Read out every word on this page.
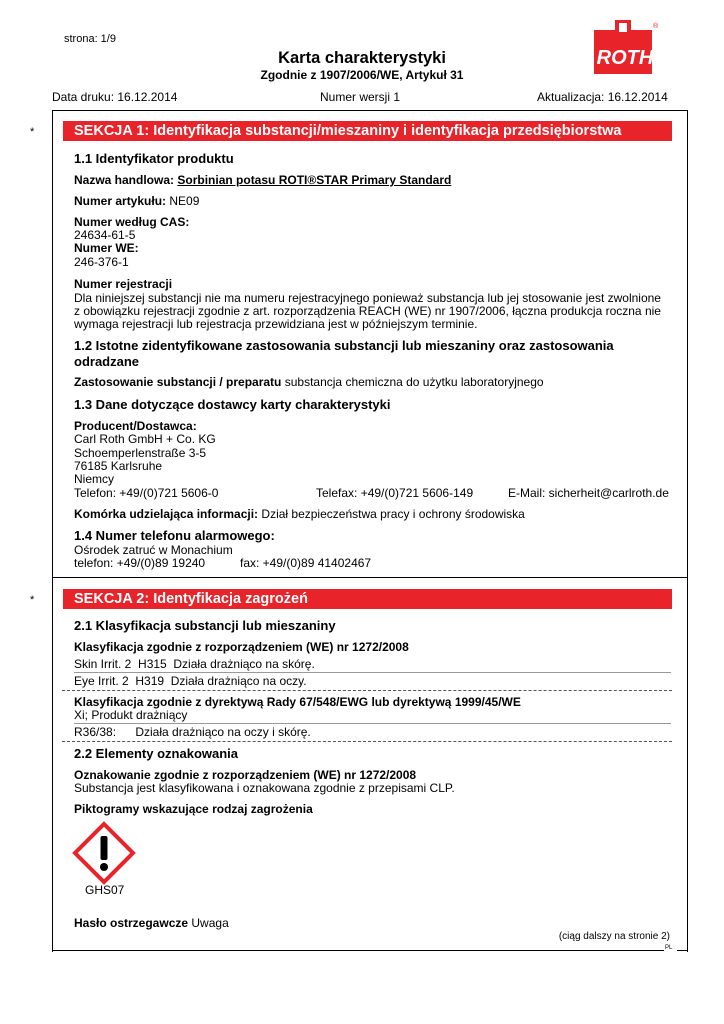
strona: 1/9
Karta charakterystyki
Zgodnie z 1907/2006/WE, Artykuł 31
ROTH
®
Data druku: 16.12.2014	Numer wersji 1	Aktualizacja: 16.12.2014
*	SEKCJA 1: Identyfikacja substancji/mieszaniny i identyfikacja przedsiębiorstwa
1.1 Identyfikator produktu
Nazwa handlowa: Sorbinian potasu ROTI®STAR Primary Standard
Numer artykułu: NE09
Numer według CAS:
24634-61-5
Numer WE:
246-376-1
Numer rejestracji
Dla niniejszej substancji nie ma numeru rejestracyjnego ponieważ substancja lub jej stosowanie jest zwolnione
z obowiązku rejestracji zgodnie z art. rozporządzenia REACH (WE) nr 1907/2006, łączna produkcja roczna nie
wymaga rejestracji lub rejestracja przewidziana jest w późniejszym terminie.
1.2 Istotne zidentyfikowane zastosowania substancji lub mieszaniny oraz zastosowania
odradzane
Zastosowanie substancji / preparatu substancja chemiczna do użytku laboratoryjnego
1.3 Dane dotyczące dostawcy karty charakterystyki
Producent/Dostawca:
Carl Roth GmbH + Co. KG
Schoemperlenstraße 3-5
76185 Karlsruhe
Niemcy
Telefon: +49/(0)721 5606-0	Telefax: +49/(0)721 5606-149	E-Mail: sicherheit@carlroth.de
Komórka udzielająca informacji: Dział bezpieczeństwa pracy i ochrony środowiska
1.4 Numer telefonu alarmowego:
Ośrodek zatruć w Monachium
telefon: +49/(0)89 19240	fax: +49/(0)89 41402467
*	SEKCJA 2: Identyfikacja zagrożeń
2.1 Klasyfikacja substancji lub mieszaniny
Klasyfikacja zgodnie z rozporządzeniem (WE) nr 1272/2008
Skin Irrit. 2 H315 Działa drażniąco na skórę.
Eye Irrit. 2 H319 Działa drażniąco na oczy.
Klasyfikacja zgodnie z dyrektywą Rady 67/548/EWG lub dyrektywą 1999/45/WE
Xi; Produkt drażniący
R36/38: Działa drażniąco na oczy i skórę.
2.2 Elementy oznakowania
Oznakowanie zgodnie z rozporządzeniem (WE) nr 1272/2008
Substancja jest klasyfikowana i oznakowana zgodnie z przepisami CLP.
Piktogramy wskazujące rodzaj zagrożenia
GHS07
Hasło ostrzegawcze Uwaga
(ciąg dalszy na stronie 2)
PL
